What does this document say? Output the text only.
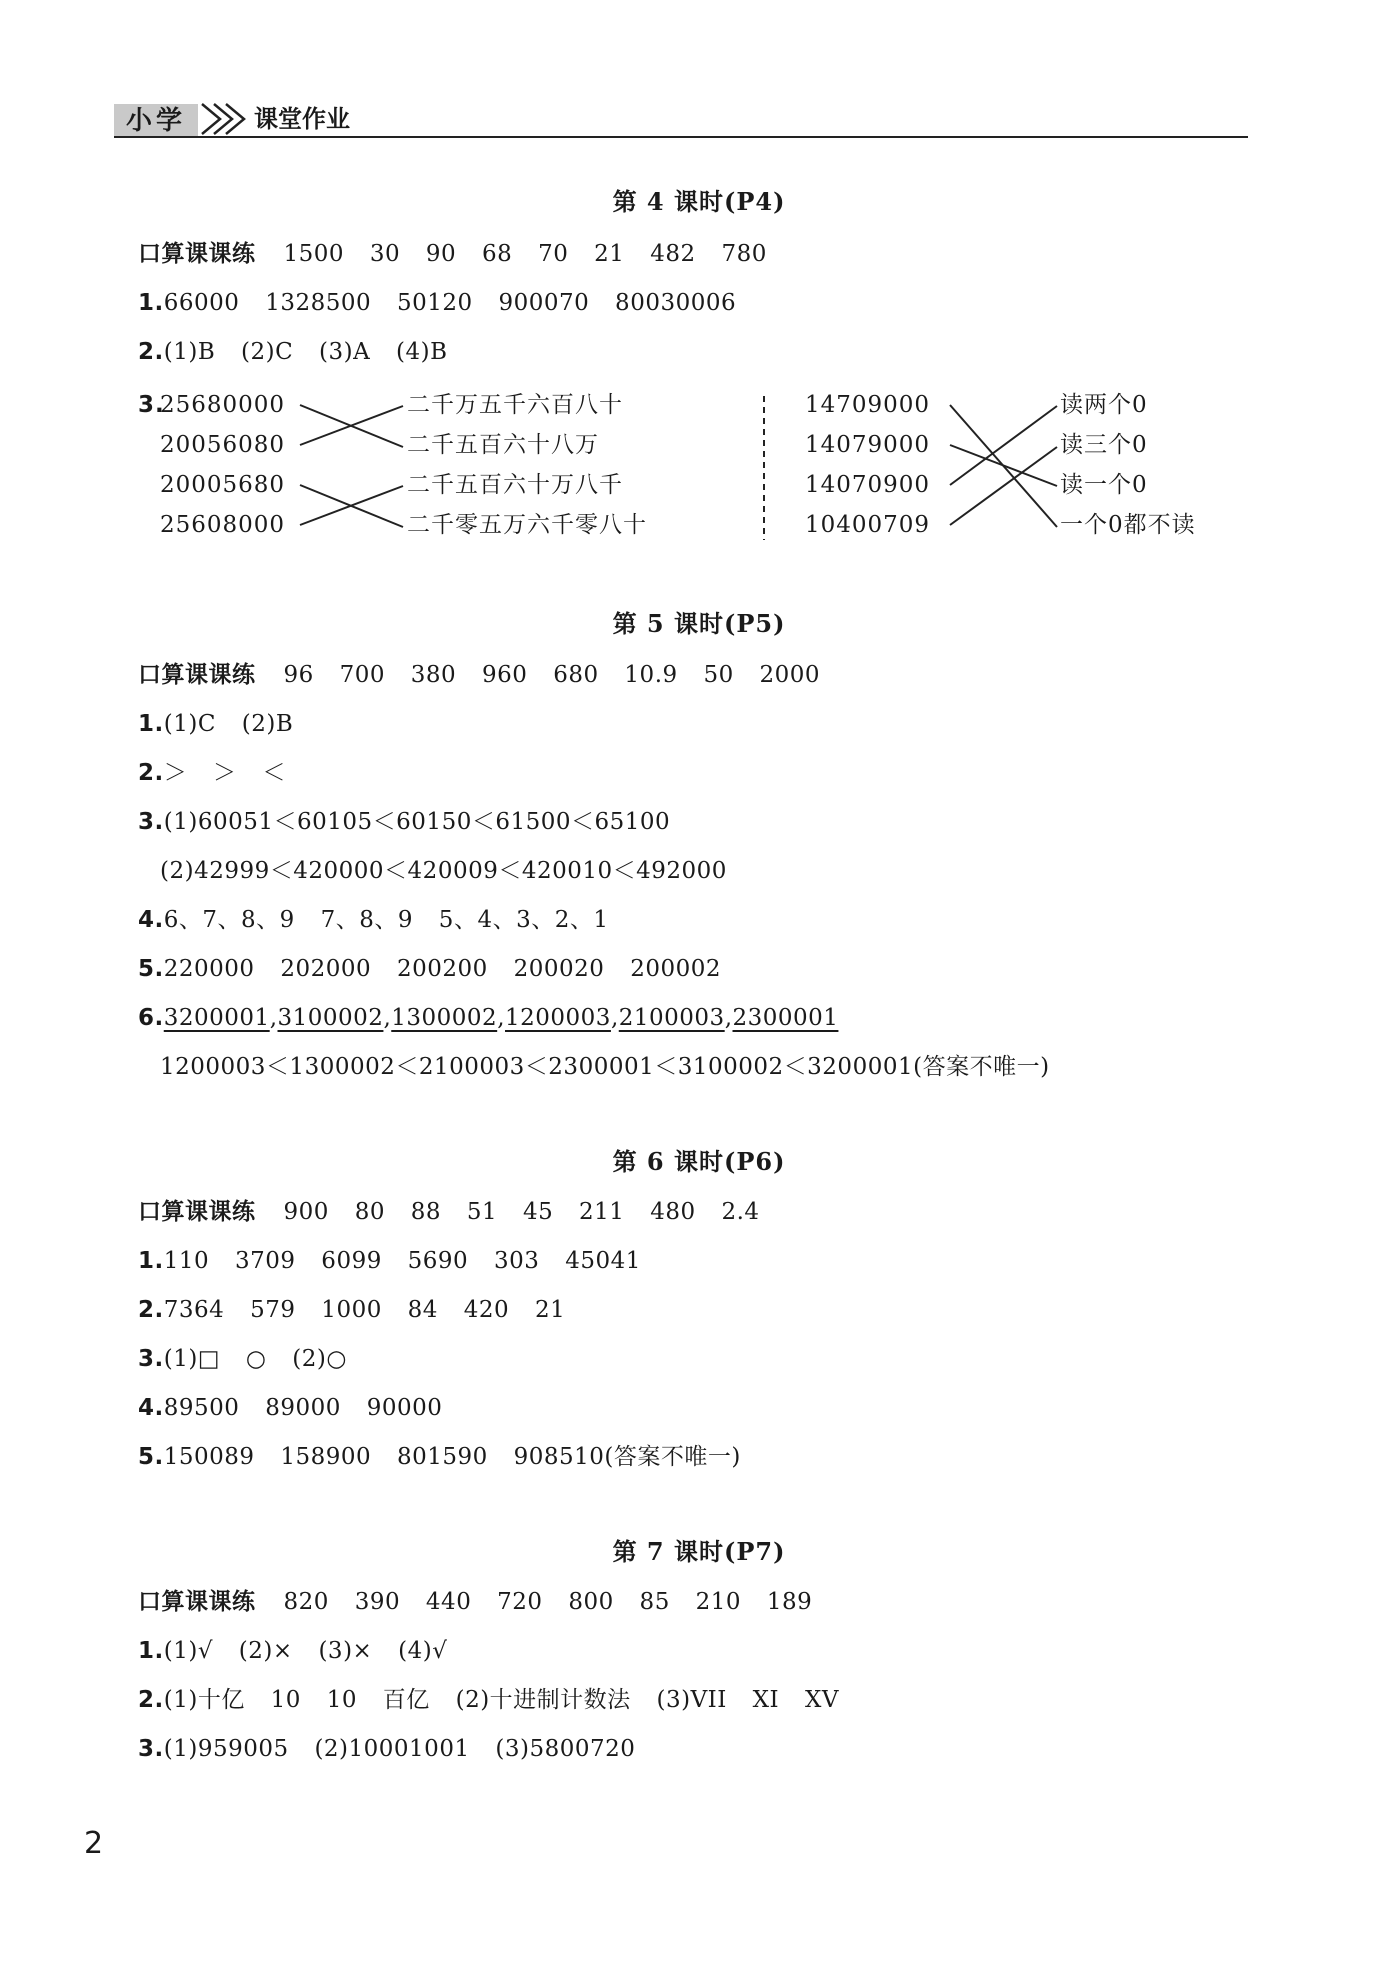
小学	课堂作业
第 4 课时(P4)
口算课课练 1500 30 90 68 70 21 482 780
1.66000 1328500 50120 900070 80030006
2.(1)B (2)C (3)A (4)B
3.
25680000
20056080
20005680
25608000
二千万五千六百八十
二千五百六十八万
二千五百六十万八千
二千零五万六千零八十
14709000
14079000
14070900
10400709
读两个0
读三个0
读一个0
一个0都不读
第 5 课时(P5)
口算课课练 96 700 380 960 680 10.9 50 2000
1.(1)C (2)B
2.＞ ＞ ＜
3.(1)60051＜60105＜60150＜61500＜65100
(2)42999＜420000＜420009＜420010＜492000
4.6、7、8、9 7、8、9 5、4、3、2、1
5.220000 202000 200200 200020 200002
6.3200001,3100002,1300002,1200003,2100003,2300001
1200003＜1300002＜2100003＜2300001＜3100002＜3200001(答案不唯一)
第 6 课时(P6)
口算课课练 900 80 88 51 45 211 480 2.4
1.110 3709 6099 5690 303 45041
2.7364 579 1000 84 420 21
3.(1)□ ○ (2)○
4.89500 89000 90000
5.150089 158900 801590 908510(答案不唯一)
第 7 课时(P7)
口算课课练 820 390 440 720 800 85 210 189
1.(1)√ (2)× (3)× (4)√
2.(1)十亿 10 10 百亿 (2)十进制计数法 (3)VII XI XV
3.(1)959005 (2)10001001 (3)5800720
2
